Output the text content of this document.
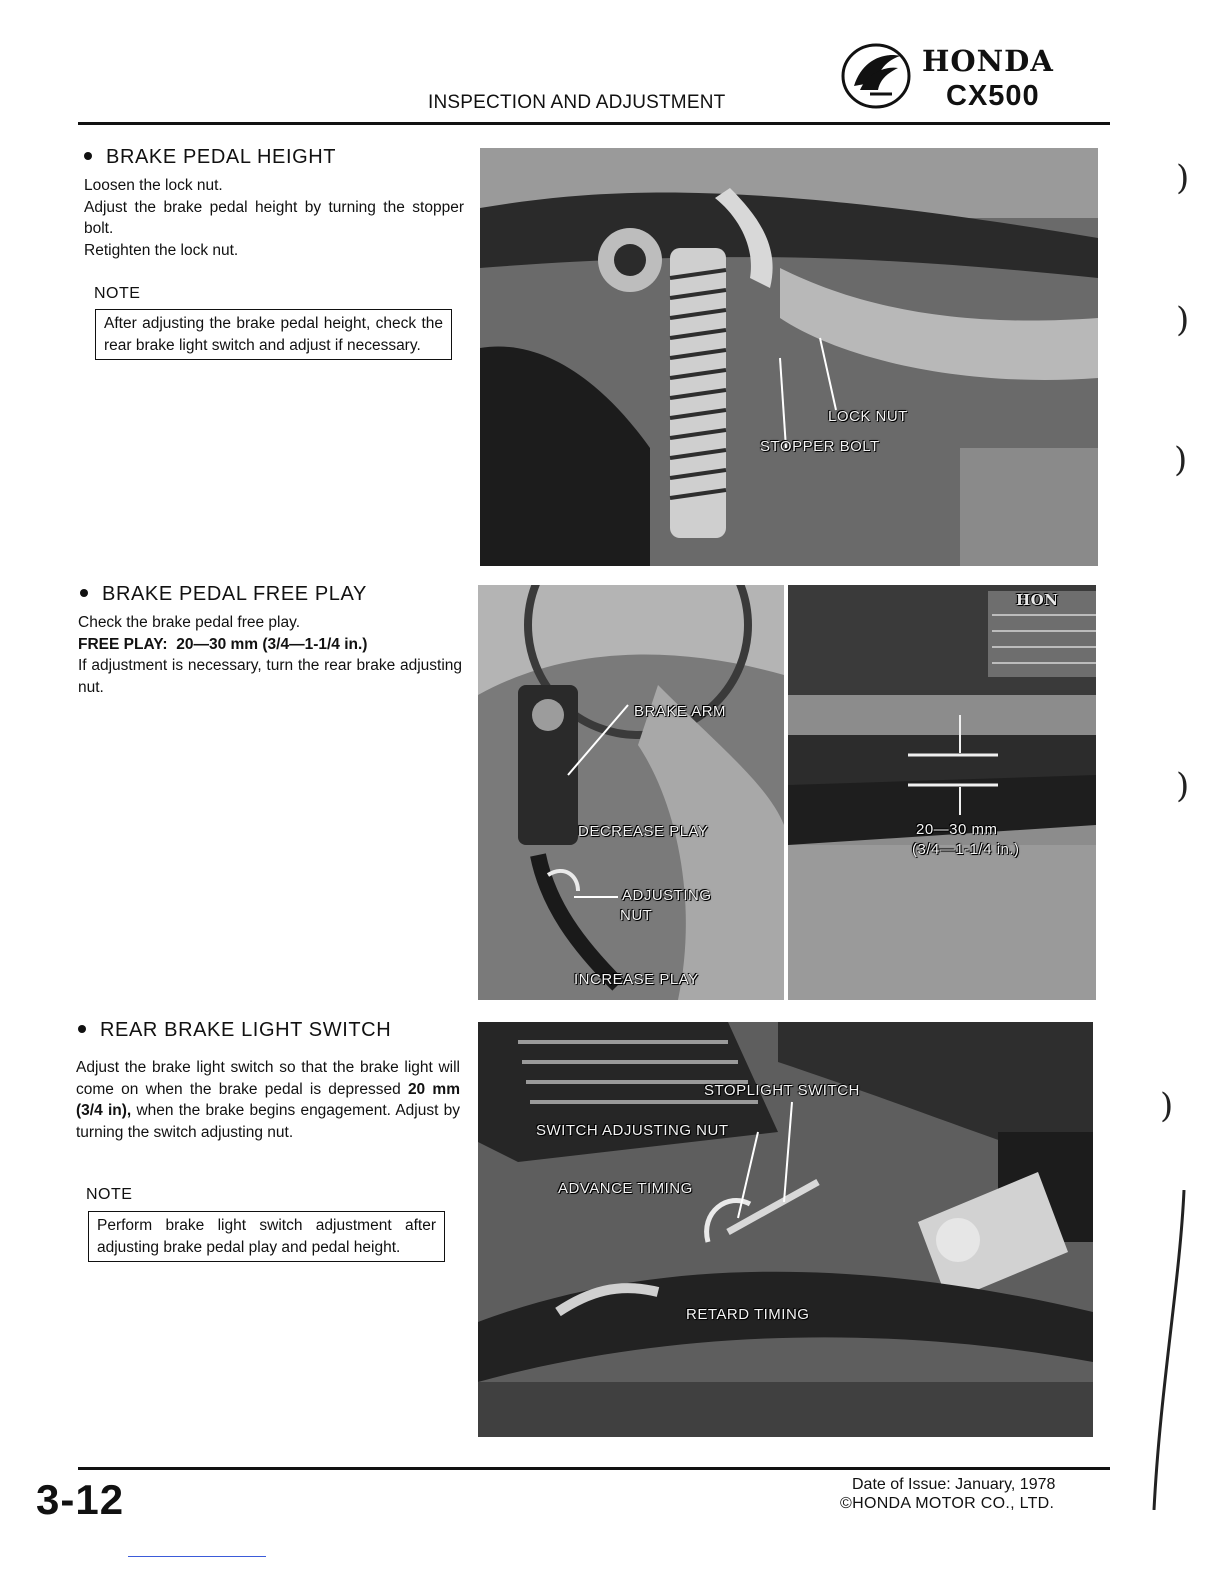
INSPECTION AND ADJUSTMENT
HONDA
CX500
BRAKE PEDAL HEIGHT

Loosen the lock nut.

Adjust the brake pedal height by turning the stopper bolt.

Retighten the lock nut.

NOTE
After adjusting the brake pedal height, check the rear brake light switch and adjust if necessary.
LOCK NUT
STOPPER BOLT
BRAKE PEDAL FREE PLAY

Check the brake pedal free play.

FREE PLAY: 20—30 mm (3/4—1-1/4 in.)

If adjustment is necessary, turn the rear brake adjusting nut.

BRAKE ARM
DECREASE PLAY
ADJUSTING
NUT
INCREASE PLAY
HON
20—30 mm
(3/4—1-1/4 in.)
REAR BRAKE LIGHT SWITCH

Adjust the brake light switch so that the brake light will come on when the brake pedal is depressed 20 mm (3/4 in), when the brake begins engagement. Adjust by turning the switch adjusting nut.

NOTE
Perform brake light switch adjustment after adjusting brake pedal play and pedal height.
STOPLIGHT SWITCH
SWITCH ADJUSTING NUT
ADVANCE TIMING
RETARD TIMING
)
)
)
)
)
3-12	Date of Issue: January, 1978
©HONDA MOTOR CO., LTD.
